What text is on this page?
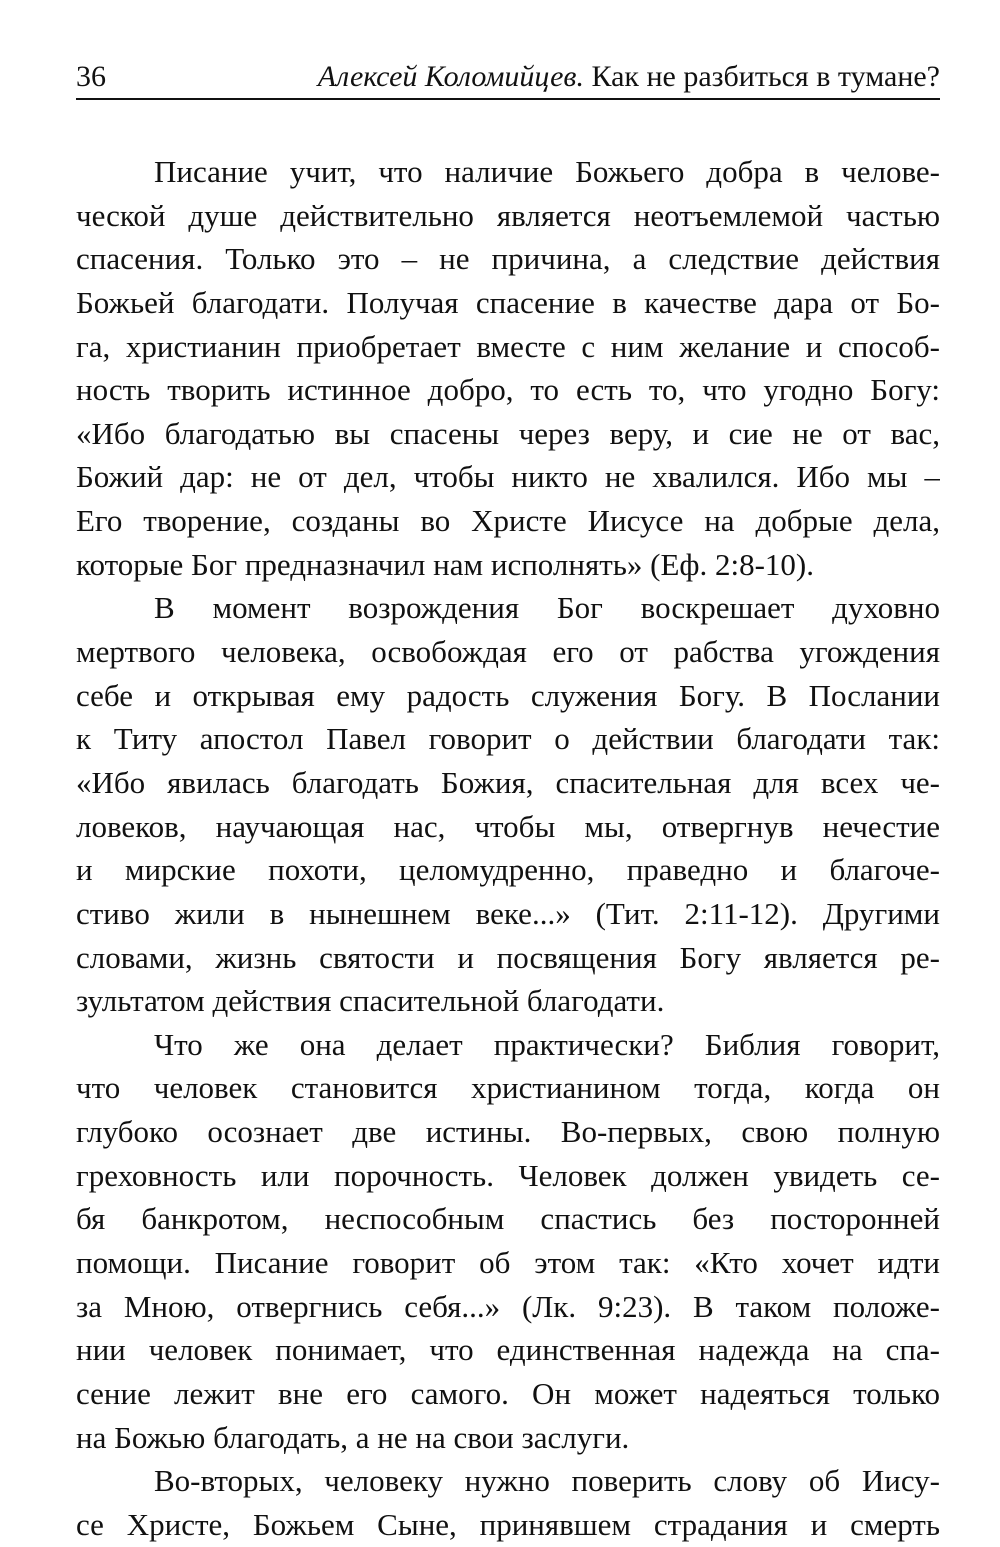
36	Алексей Коломийцев. Как не разбиться в тумане?
Писание учит, что наличие Божьего добра в челове-
ческой душе действительно является неотъемлемой частью
спасения. Только это – не причина, а следствие действия
Божьей благодати. Получая спасение в качестве дара от Бо-
га, христианин приобретает вместе с ним желание и способ-
ность творить истинное добро, то есть то, что угодно Богу:
«Ибо благодатью вы спасены через веру, и сие не от вас,
Божий дар: не от дел, чтобы никто не хвалился. Ибо мы –
Его творение, созданы во Христе Иисусе на добрые дела,
которые Бог предназначил нам исполнять» (Еф. 2:8-10).
В момент возрождения Бог воскрешает духовно
мертвого человека, освобождая его от рабства угождения
себе и открывая ему радость служения Богу. В Послании
к Титу апостол Павел говорит о действии благодати так:
«Ибо явилась благодать Божия, спасительная для всех че-
ловеков, научающая нас, чтобы мы, отвергнув нечестие
и мирские похоти, целомудренно, праведно и благоче-
стиво жили в нынешнем веке...» (Тит. 2:11-12). Другими
словами, жизнь святости и посвящения Богу является ре-
зультатом действия спасительной благодати.
Что же она делает практически? Библия говорит,
что человек становится христианином тогда, когда он
глубоко осознает две истины. Во-первых, свою полную
греховность или порочность. Человек должен увидеть се-
бя банкротом, неспособным спастись без посторонней
помощи. Писание говорит об этом так: «Кто хочет идти
за Мною, отвергнись себя...» (Лк. 9:23). В таком положе-
нии человек понимает, что единственная надежда на спа-
сение лежит вне его самого. Он может надеяться только
на Божью благодать, а не на свои заслуги.
Во-вторых, человеку нужно поверить слову об Иису-
се Христе, Божьем Сыне, принявшем страдания и смерть
